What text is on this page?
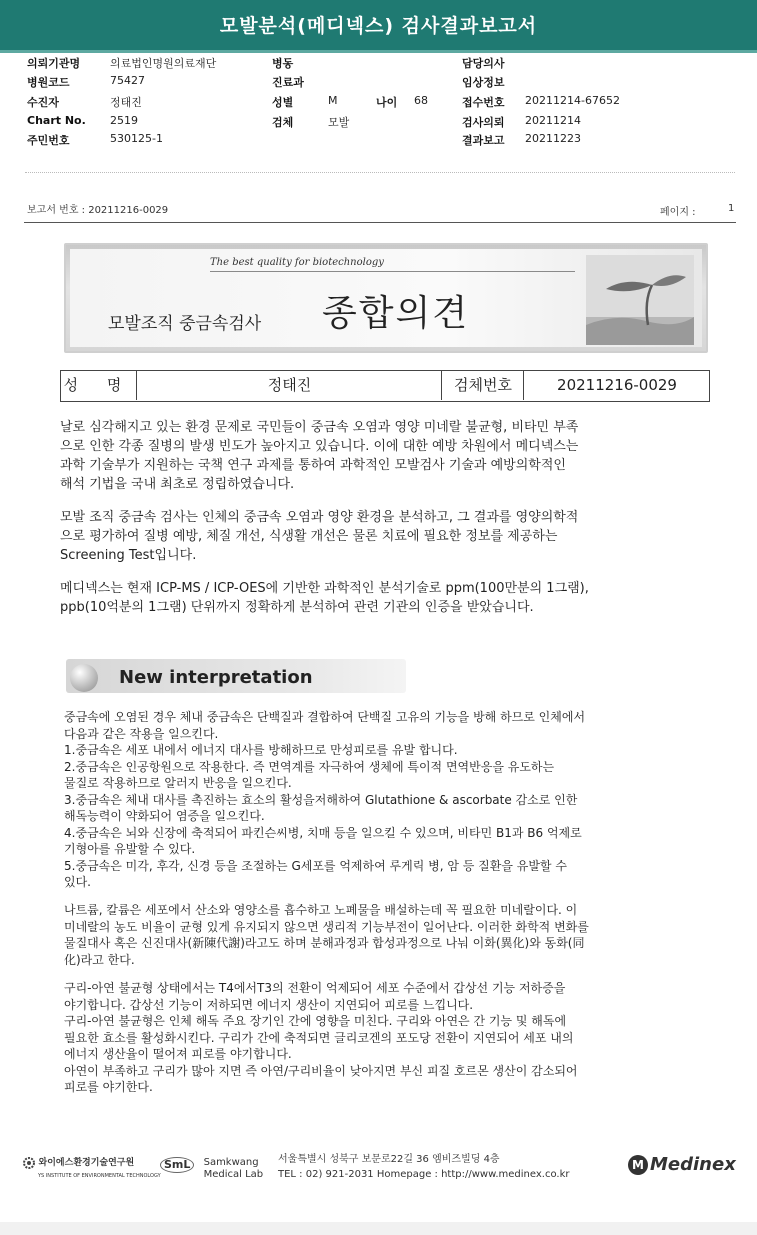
모발분석(메디넥스) 검사결과보고서
의뢰기관명	의료법인명원의료재단
병원코드	75427
수진자	정태진
Chart No. 2519
주민번호	530125-1
병동
진료과
성별	M	나이 68
검체	모발
담당의사
임상정보
접수번호 20211214-67652
검사의뢰 20211214
결과보고 20211223
보고서 번호 : 20211216-0029	페이지 :	1
The best quality for biotechnology
모발조직 중금속검사 종합의견
성 명	정태진	검체번호	20211216-0029
날로 심각해지고 있는 환경 문제로 국민들이 중금속 오염과 영양 미네랄 불균형, 비타민 부족
으로 인한 각종 질병의 발생 빈도가 높아지고 있습니다. 이에 대한 예방 차원에서 메디넥스는
과학 기술부가 지원하는 국책 연구 과제를 통하여 과학적인 모발검사 기술과 예방의학적인
해석 기법을 국내 최초로 정립하였습니다.
모발 조직 중금속 검사는 인체의 중금속 오염과 영양 환경을 분석하고, 그 결과를 영양의학적
으로 평가하여 질병 예방, 체질 개선, 식생활 개선은 물론 치료에 필요한 정보를 제공하는
Screening Test입니다.
메디넥스는 현재 ICP-MS / ICP-OES에 기반한 과학적인 분석기술로 ppm(100만분의 1그램),
ppb(10억분의 1그램) 단위까지 정확하게 분석하여 관련 기관의 인증을 받았습니다.
New interpretation
중금속에 오염된 경우 체내 중금속은 단백질과 결합하여 단백질 고유의 기능을 방해 하므로 인체에서
다음과 같은 작용을 일으킨다.
1.중금속은 세포 내에서 에너지 대사를 방해하므로 만성피로를 유발 합니다.
2.중금속은 인공항원으로 작용한다. 즉 면역계를 자극하여 생체에 특이적 면역반응을 유도하는
물질로 작용하므로 알러지 반응을 일으킨다.
3.중금속은 체내 대사를 촉진하는 효소의 활성을저해하여 Glutathione & ascorbate 감소로 인한
해독능력이 약화되어 염증을 일으킨다.
4.중금속은 뇌와 신장에 축적되어 파킨슨씨병, 치매 등을 일으킬 수 있으며, 비타민 B1과 B6 억제로
기형아를 유발할 수 있다.
5.중금속은 미각, 후각, 신경 등을 조절하는 G세포를 억제하여 루게릭 병, 암 등 질환을 유발할 수
있다.
나트륨, 칼륨은 세포에서 산소와 영양소를 흡수하고 노폐물을 배설하는데 꼭 필요한 미네랄이다. 이
미네랄의 농도 비율이 균형 있게 유지되지 않으면 생리적 기능부전이 일어난다. 이러한 화학적 변화를
물질대사 혹은 신진대사(新陳代謝)라고도 하며 분해과정과 합성과정으로 나눠 이화(異化)와 동화(同
化)라고 한다.
구리-아연 불균형 상태에서는 T4에서T3의 전환이 억제되어 세포 수준에서 갑상선 기능 저하증을
야기합니다. 갑상선 기능이 저하되면 에너지 생산이 지연되어 피로를 느낍니다.
구리-아연 불균형은 인체 해독 주요 장기인 간에 영향을 미친다. 구리와 아연은 간 기능 및 해독에
필요한 효소를 활성화시킨다. 구리가 간에 축적되면 글리코겐의 포도당 전환이 지연되어 세포 내의
에너지 생산율이 떨어져 피로를 야기합니다.
아연이 부족하고 구리가 많아 지면 즉 아연/구리비율이 낮아지면 부신 피질 호르몬 생산이 감소되어
피로를 야기한다.
와이에스환경기술연구원
YS INSTITUTE OF ENVIRONMENTAL TECHNOLOGY
SmL Samkwang
Medical Lab
서울특별시 성북구 보문로22길 36 엠비즈빌딩 4층
TEL : 02) 921-2031 Homepage : http://www.medinex.co.kr
M Medinex
